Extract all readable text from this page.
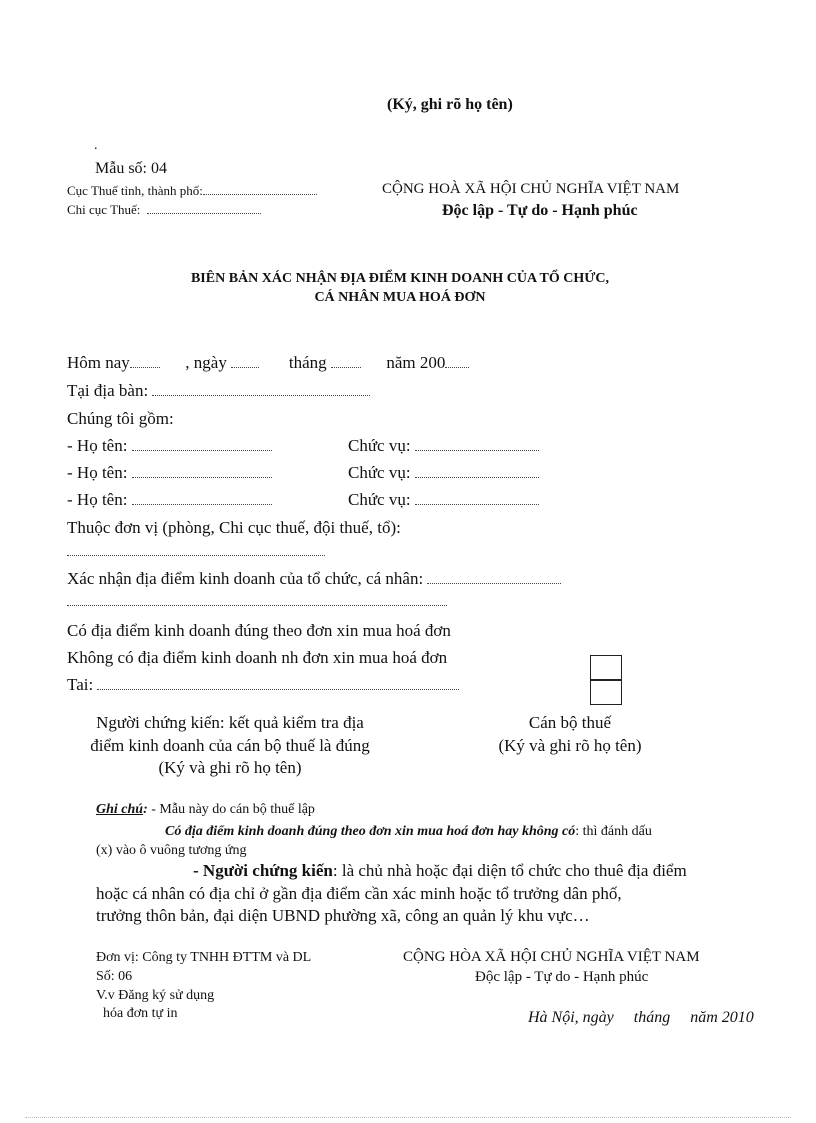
(Ký, ghi rõ họ tên)
.
Mẫu số: 04
Cục Thuế tỉnh, thành phố:
Chi cục Thuế:
CỘNG HOÀ XÃ HỘI CHỦ NGHĨA VIỆT NAM
Độc lập - Tự do - Hạnh phúc
BIÊN BẢN XÁC NHẬN ĐỊA ĐIỂM KINH DOANH CỦA TỔ CHỨC,
CÁ NHÂN MUA HOÁ ĐƠN
Hôm nay	, ngày	tháng	năm 200
Tại địa bàn:
Chúng tôi gồm:
- Họ tên:	Chức vụ:
- Họ tên:	Chức vụ:
- Họ tên:	Chức vụ:
Thuộc đơn vị (phòng, Chi cục thuế, đội thuế, tổ):
Xác nhận địa điểm kinh doanh của tổ chức, cá nhân:
Có địa điểm kinh doanh đúng theo đơn xin mua hoá đơn
Không có địa điểm kinh doanh nh đơn xin mua hoá đơn
Tai:
Người chứng kiến: kết quả kiểm tra địa
điểm kinh doanh của cán bộ thuế là đúng
(Ký và ghi rõ họ tên)
Cán bộ thuế
(Ký và ghi rõ họ tên)
Ghi chú: - Mẫu này do cán bộ thuế lập
Có địa điểm kinh doanh đúng theo đơn xin mua hoá đơn hay không có: thì đánh dấu
(x) vào ô vuông tương ứng
- Người chứng kiến: là chủ nhà hoặc đại diện tổ chức cho thuê địa điểm
hoặc cá nhân có địa chỉ ở gần địa điểm cần xác minh hoặc tổ trưởng dân phố,
trưởng thôn bản, đại diện UBND phường xã, công an quản lý khu vực…
Đơn vị: Công ty TNHH ĐTTM và DL
Số: 06
V.v Đăng ký sử dụng
hóa đơn tự in
CỘNG HÒA XÃ HỘI CHỦ NGHĨA VIỆT NAM
Độc lập - Tự do - Hạnh phúc
Hà Nội, ngày     tháng     năm 2010
